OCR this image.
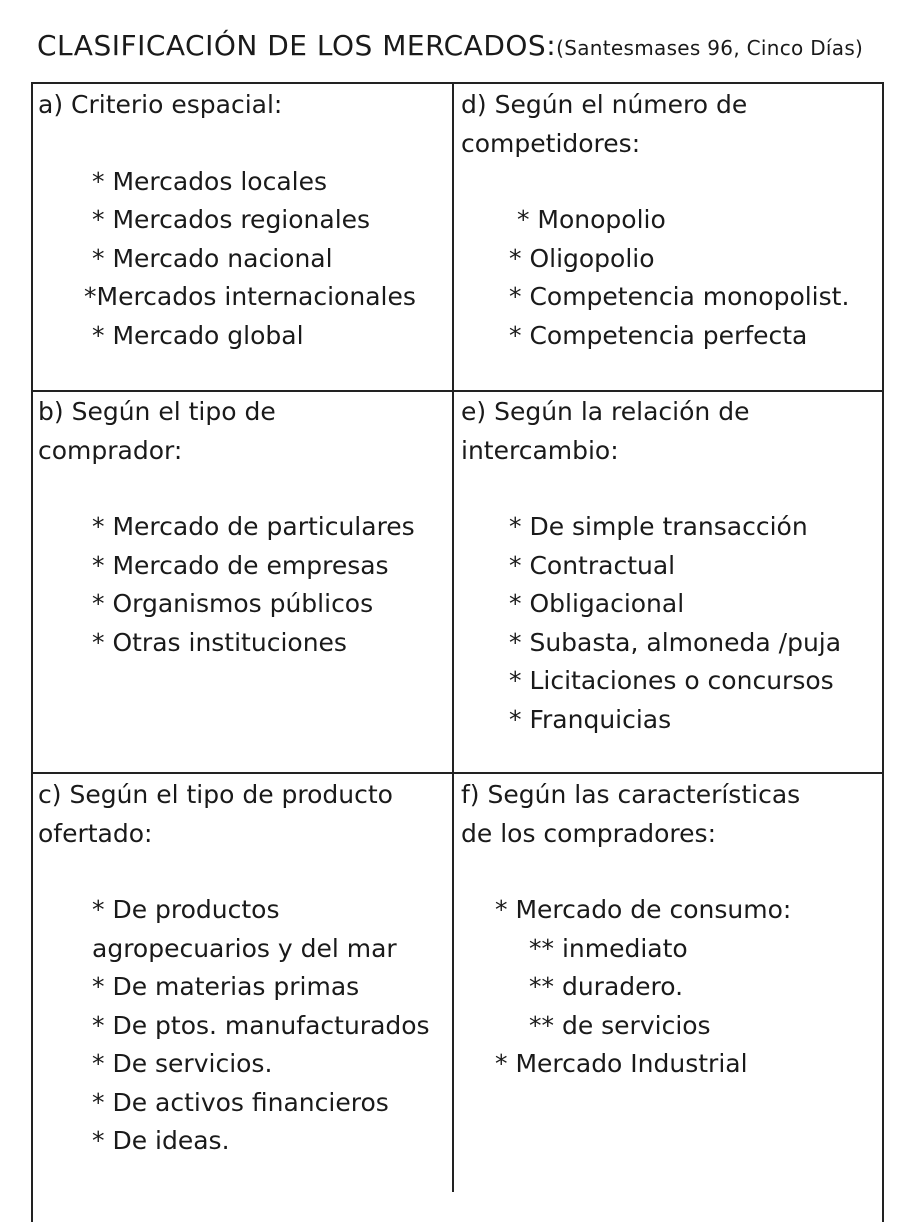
CLASIFICACIÓN DE LOS MERCADOS:(Santesmases 96, Cinco Días)
a) Criterio espacial:
* Mercados locales
* Mercados regionales
* Mercado nacional
*Mercados internacionales
* Mercado global
d) Según el número de
competidores:
* Monopolio
* Oligopolio
* Competencia monopolist.
* Competencia perfecta
b) Según el tipo de
comprador:
* Mercado de particulares
* Mercado de empresas
* Organismos públicos
* Otras instituciones
e) Según la relación de
intercambio:
* De simple transacción
* Contractual
* Obligacional
* Subasta, almoneda /puja
* Licitaciones o concursos
* Franquicias
c) Según el tipo de producto
ofertado:
* De productos
agropecuarios y del mar
* De materias primas
* De ptos. manufacturados
* De servicios.
* De activos financieros
* De ideas.
f) Según las características
de los compradores:
* Mercado de consumo:
** inmediato
** duradero.
** de servicios
* Mercado Industrial
